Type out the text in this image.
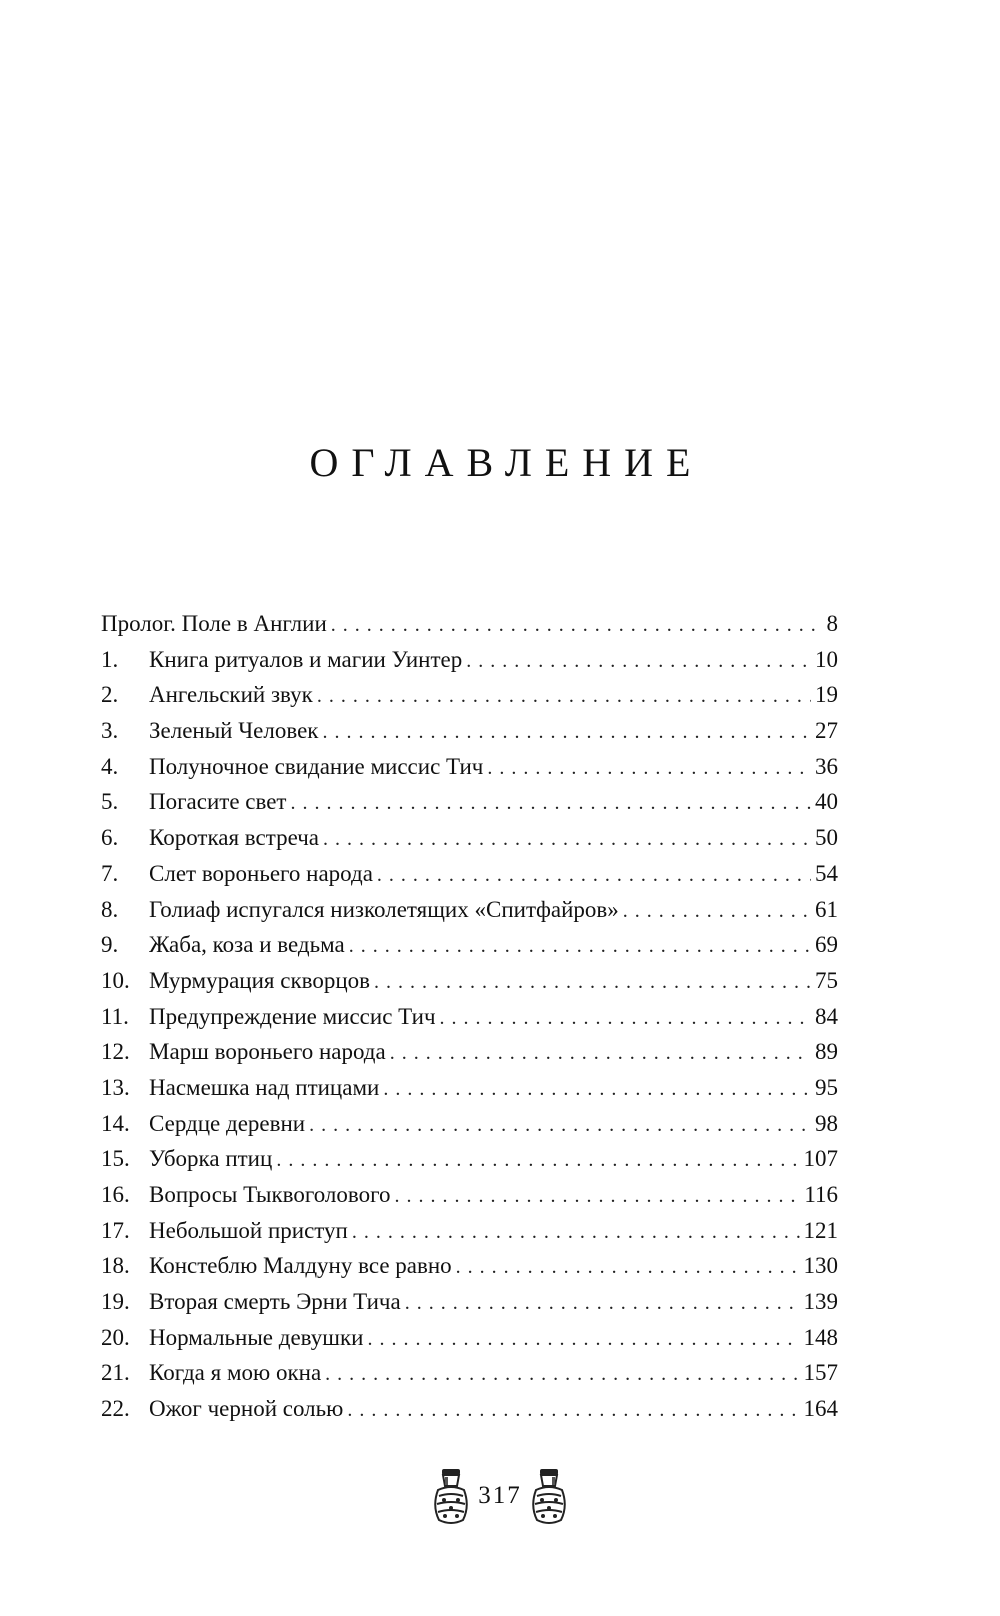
ОГЛАВЛЕНИЕ
Пролог. Поле в Англии . . .	8
1.	Книга ритуалов и магии Уинтер . . .	10
2.	Ангельский звук . . .	19
3.	Зеленый Человек . . .	27
4.	Полуночное свидание миссис Тич . . .	36
5.	Погасите свет . . .	40
6.	Короткая встреча . . .	50
7.	Слет вороньего народа . . .	54
8.	Голиаф испугался низколетящих «Спитфайров» . . .	61
9.	Жаба, коза и ведьма . . .	69
10. Мурмурация скворцов . . .	75
11. Предупреждение миссис Тич . . .	84
12. Марш вороньего народа . . .	89
13. Насмешка над птицами . . .	95
14. Сердце деревни . . .	98
15. Уборка птиц . . .	107
16. Вопросы Тыквоголового . . .	116
17. Небольшой приступ . . .	121
18. Констеблю Малдуну все равно . . .	130
19. Вторая смерть Эрни Тича . . .	139
20. Нормальные девушки . . .	148
21. Когда я мою окна . . .	157
22. Ожог черной солью . . .	164
317
